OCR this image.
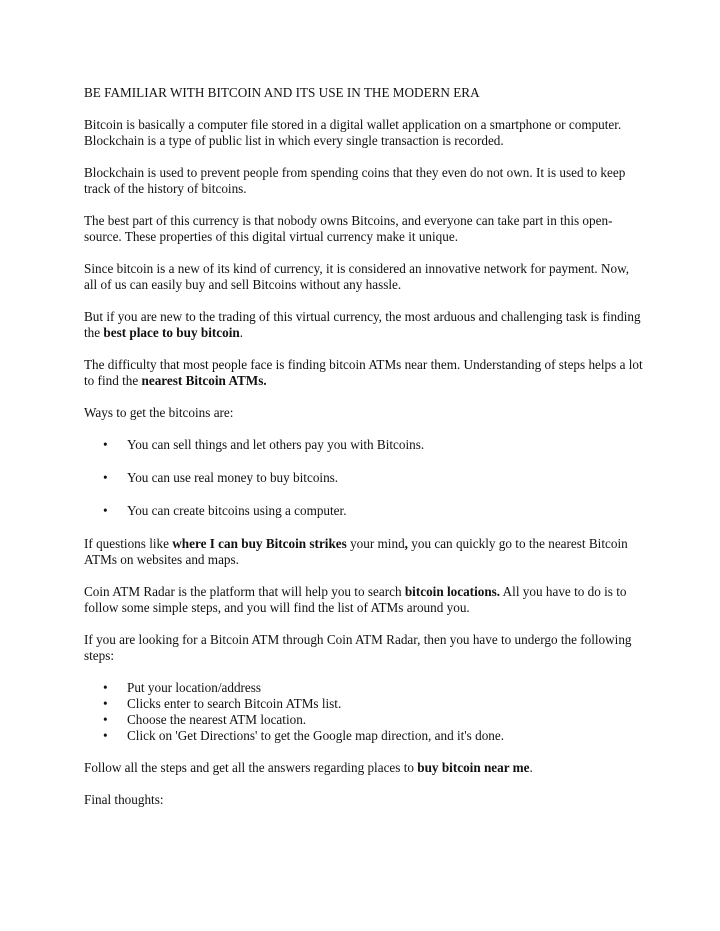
BE FAMILIAR WITH BITCOIN AND ITS USE IN THE MODERN ERA

Bitcoin is basically a computer file stored in a digital wallet application on a smartphone or computer. Blockchain is a type of public list in which every single transaction is recorded.

Blockchain is used to prevent people from spending coins that they even do not own. It is used to keep track of the history of bitcoins.

The best part of this currency is that nobody owns Bitcoins, and everyone can take part in this open-source. These properties of this digital virtual currency make it unique.

Since bitcoin is a new of its kind of currency, it is considered an innovative network for payment. Now, all of us can easily buy and sell Bitcoins without any hassle.

But if you are new to the trading of this virtual currency, the most arduous and challenging task is finding the best place to buy bitcoin.

The difficulty that most people face is finding bitcoin ATMs near them. Understanding of steps helps a lot to find the nearest Bitcoin ATMs.

Ways to get the bitcoins are:

• You can sell things and let others pay you with Bitcoins.
• You can use real money to buy bitcoins.
• You can create bitcoins using a computer.

If questions like where I can buy Bitcoin strikes your mind, you can quickly go to the nearest Bitcoin ATMs on websites and maps.

Coin ATM Radar is the platform that will help you to search bitcoin locations. All you have to do is to follow some simple steps, and you will find the list of ATMs around you.

If you are looking for a Bitcoin ATM through Coin ATM Radar, then you have to undergo the following steps:

• Put your location/address
• Clicks enter to search Bitcoin ATMs list.
• Choose the nearest ATM location.
• Click on 'Get Directions' to get the Google map direction, and it's done.

Follow all the steps and get all the answers regarding places to buy bitcoin near me.

Final thoughts:
